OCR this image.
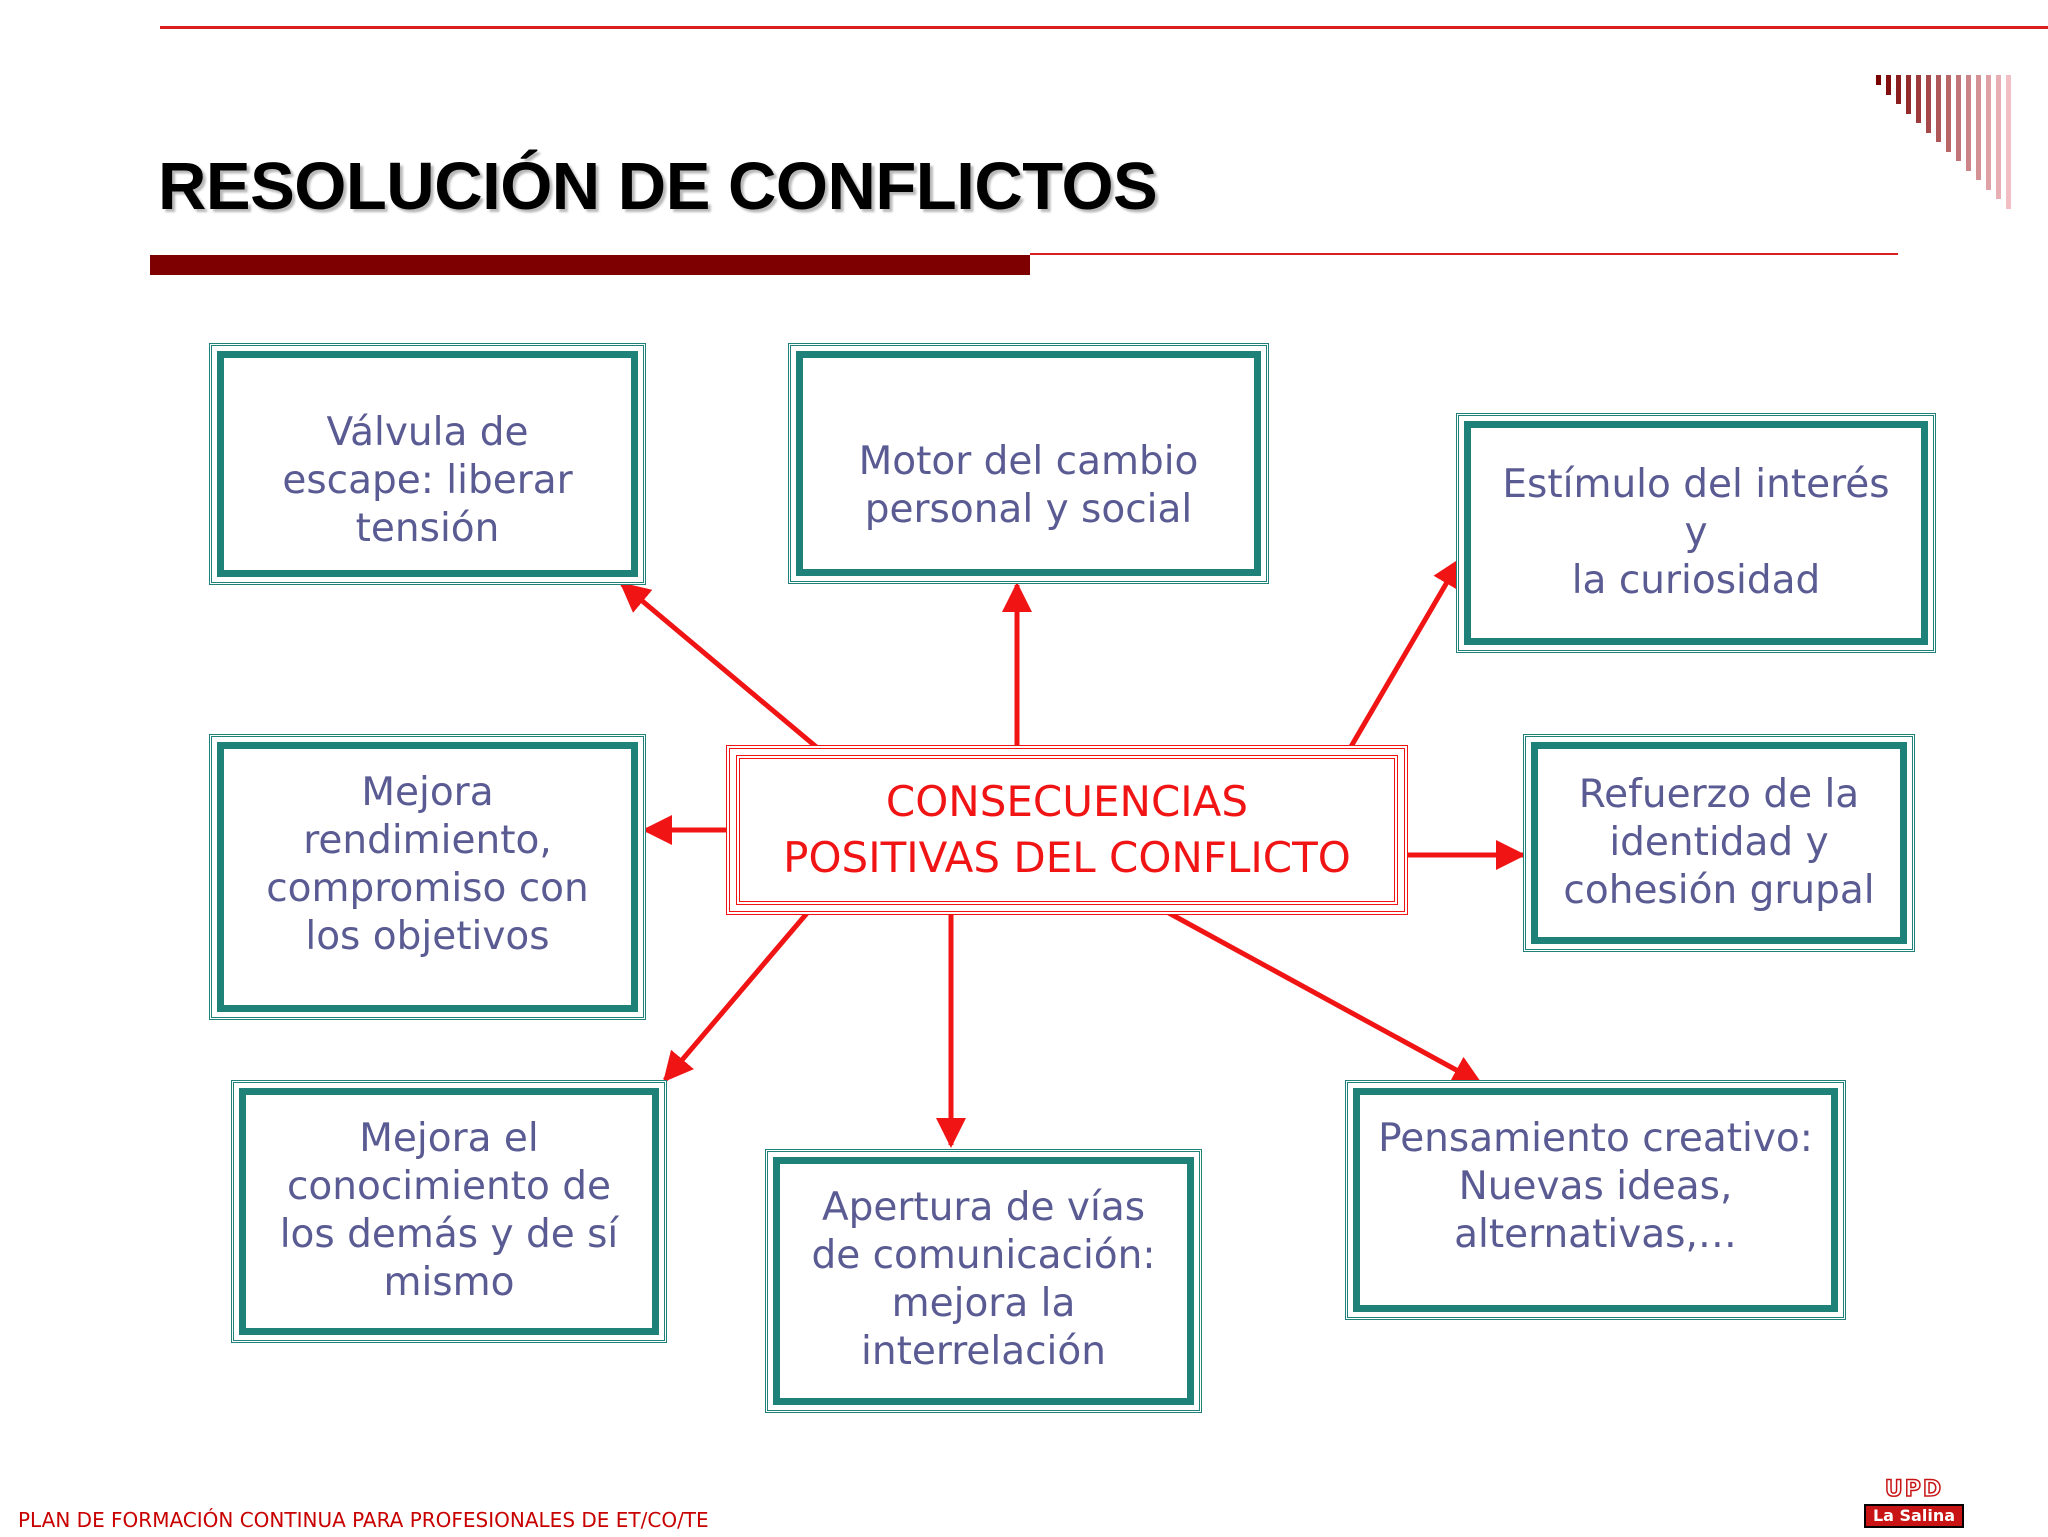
RESOLUCIÓN DE CONFLICTOS
Válvula de
escape: liberar
tensión
Motor del cambio
personal y social
Estímulo del interés y
la curiosidad
Mejora
rendimiento,
compromiso con
los objetivos
Refuerzo de la
identidad y
cohesión grupal
Mejora el
conocimiento de
los demás y de sí
mismo
Apertura de vías
de comunicación:
mejora la
interrelación
Pensamiento creativo:
Nuevas ideas,
alternativas,…
CONSECUENCIAS
POSITIVAS DEL CONFLICTO
PLAN DE FORMACIÓN CONTINUA PARA PROFESIONALES DE ET/CO/TE
UPD
La Salina
